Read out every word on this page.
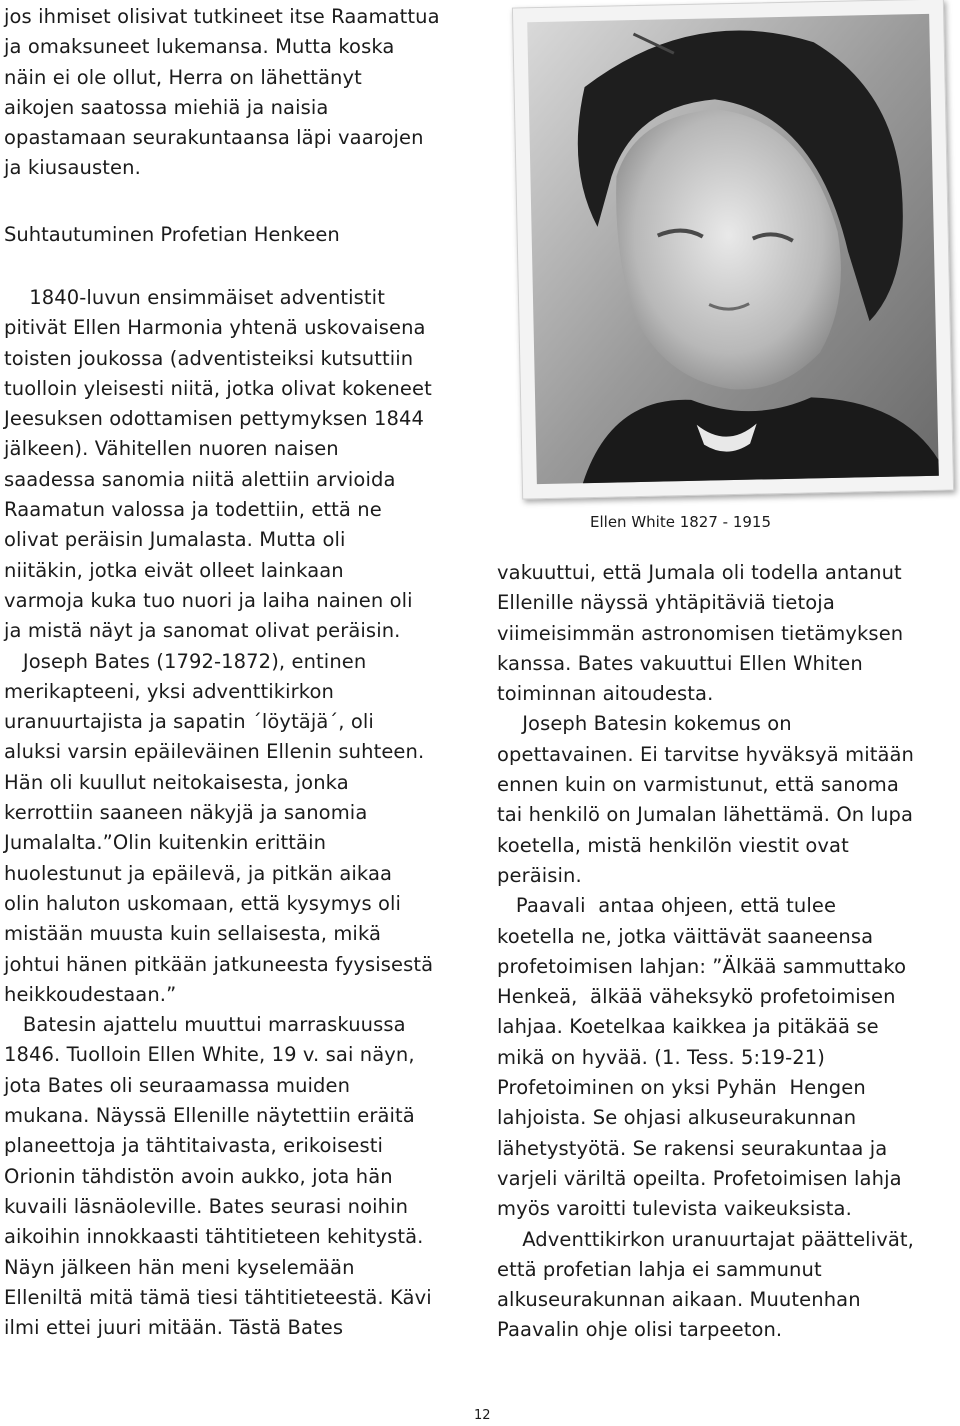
jos ihmiset olisivat tutkineet itse Raamattua

ja omaksuneet lukemansa. Mutta koska

näin ei ole ollut, Herra on lähettänyt

aikojen saatossa miehiä ja naisia

opastamaan seurakuntaansa läpi vaarojen

ja kiusausten.

Suhtautuminen Profetian Henkeen

1840-luvun ensimmäiset adventistit

pitivät Ellen Harmonia yhtenä uskovaisena

toisten joukossa (adventisteiksi kutsuttiin

tuolloin yleisesti niitä, jotka olivat kokeneet

Jeesuksen odottamisen pettymyksen 1844

jälkeen). Vähitellen nuoren naisen

saadessa sanomia niitä alettiin arvioida

Raamatun valossa ja todettiin, että ne

olivat peräisin Jumalasta. Mutta oli

niitäkin, jotka eivät olleet lainkaan

varmoja kuka tuo nuori ja laiha nainen oli

ja mistä näyt ja sanomat olivat peräisin.

Joseph Bates (1792-1872), entinen

merikapteeni, yksi adventtikirkon

uranuurtajista ja sapatin ´löytäjä´, oli

aluksi varsin epäileväinen Ellenin suhteen.

Hän oli kuullut neitokaisesta, jonka

kerrottiin saaneen näkyjä ja sanomia

Jumalalta.”Olin kuitenkin erittäin

huolestunut ja epäilevä, ja pitkän aikaa

olin haluton uskomaan, että kysymys oli

mistään muusta kuin sellaisesta, mikä

johtui hänen pitkään jatkuneesta fyysisestä

heikkoudestaan.”

Batesin ajattelu muuttui marraskuussa

1846. Tuolloin Ellen White, 19 v. sai näyn,

jota Bates oli seuraamassa muiden

mukana. Näyssä Ellenille näytettiin eräitä

planeettoja ja tähtitaivasta, erikoisesti

Orionin tähdistön avoin aukko, jota hän

kuvaili läsnäoleville. Bates seurasi noihin

aikoihin innokkaasti tähtitieteen kehitystä.

Näyn jälkeen hän meni kyselemään

Elleniltä mitä tämä tiesi tähtitieteestä. Kävi

ilmi ettei juuri mitään. Tästä Bates

Ellen White 1827 - 1915

vakuuttui, että Jumala oli todella antanut

Ellenille näyssä yhtäpitäviä tietoja

viimeisimmän astronomisen tietämyksen

kanssa. Bates vakuuttui Ellen Whiten

toiminnan aitoudesta.

Joseph Batesin kokemus on

opettavainen. Ei tarvitse hyväksyä mitään

ennen kuin on varmistunut, että sanoma

tai henkilö on Jumalan lähettämä. On lupa

koetella, mistä henkilön viestit ovat

peräisin.

Paavali  antaa ohjeen, että tulee

koetella ne, jotka väittävät saaneensa

profetoimisen lahjan: ”Älkää sammuttako

Henkeä,  älkää väheksykö profetoimisen

lahjaa. Koetelkaa kaikkea ja pitäkää se

mikä on hyvää. (1. Tess. 5:19-21)

Profetoiminen on yksi Pyhän  Hengen

lahjoista. Se ohjasi alkuseurakunnan

lähetystyötä. Se rakensi seurakuntaa ja

varjeli väriltä opeilta. Profetoimisen lahja

myös varoitti tulevista vaikeuksista.

Adventtikirkon uranuurtajat päättelivät,

että profetian lahja ei sammunut

alkuseurakunnan aikaan. Muutenhan

Paavalin ohje olisi tarpeeton.

12
